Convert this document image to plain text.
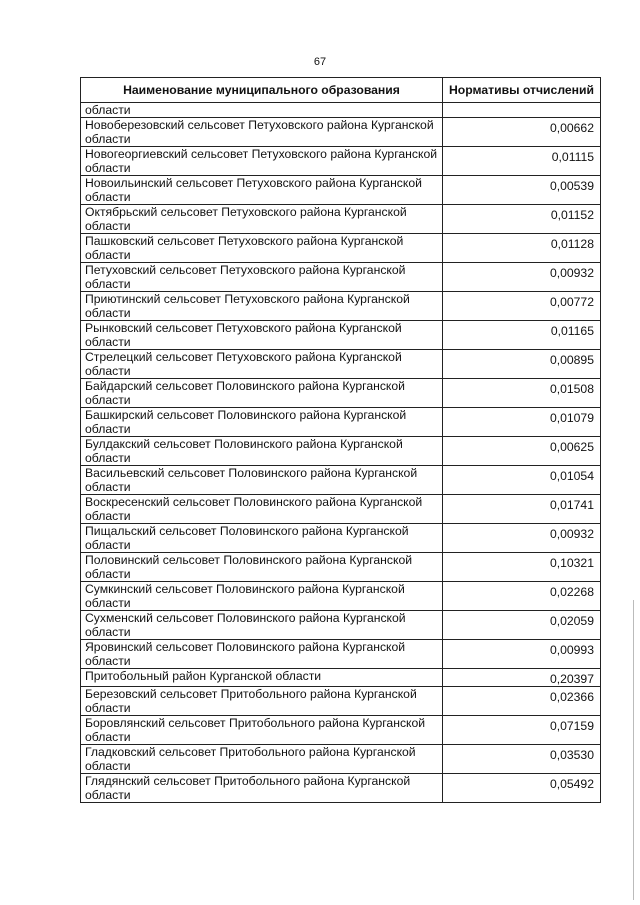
67
Наименование муниципального образования	Нормативы отчислений
области	
Новоберезовский сельсовет Петуховского района Курганской области	0,00662
Новогеоргиевский сельсовет Петуховского района Курганской области	0,01115
Новоильинский сельсовет Петуховского района Курганской области	0,00539
Октябрьский сельсовет Петуховского района Курганской области	0,01152
Пашковский сельсовет Петуховского района Курганской области	0,01128
Петуховский сельсовет Петуховского района Курганской области	0,00932
Приютинский сельсовет Петуховского района Курганской области	0,00772
Рынковский сельсовет Петуховского района Курганской области	0,01165
Стрелецкий сельсовет Петуховского района Курганской области	0,00895
Байдарский сельсовет Половинского района Курганской области	0,01508
Башкирский сельсовет Половинского района Курганской области	0,01079
Булдакский сельсовет Половинского района Курганской области	0,00625
Васильевский сельсовет Половинского района Курганской области	0,01054
Воскресенский сельсовет Половинского района Курганской области	0,01741
Пищальский сельсовет Половинского района Курганской области	0,00932
Половинский сельсовет Половинского района Курганской области	0,10321
Сумкинский сельсовет Половинского района Курганской области	0,02268
Сухменский сельсовет Половинского района Курганской области	0,02059
Яровинский сельсовет Половинского района Курганской области	0,00993
Притобольный район Курганской области	0,20397
Березовский сельсовет Притобольного района Курганской области	0,02366
Боровлянский сельсовет Притобольного района Курганской области	0,07159
Гладковский сельсовет Притобольного района Курганской области	0,03530
Глядянский сельсовет Притобольного района Курганской области	0,05492
